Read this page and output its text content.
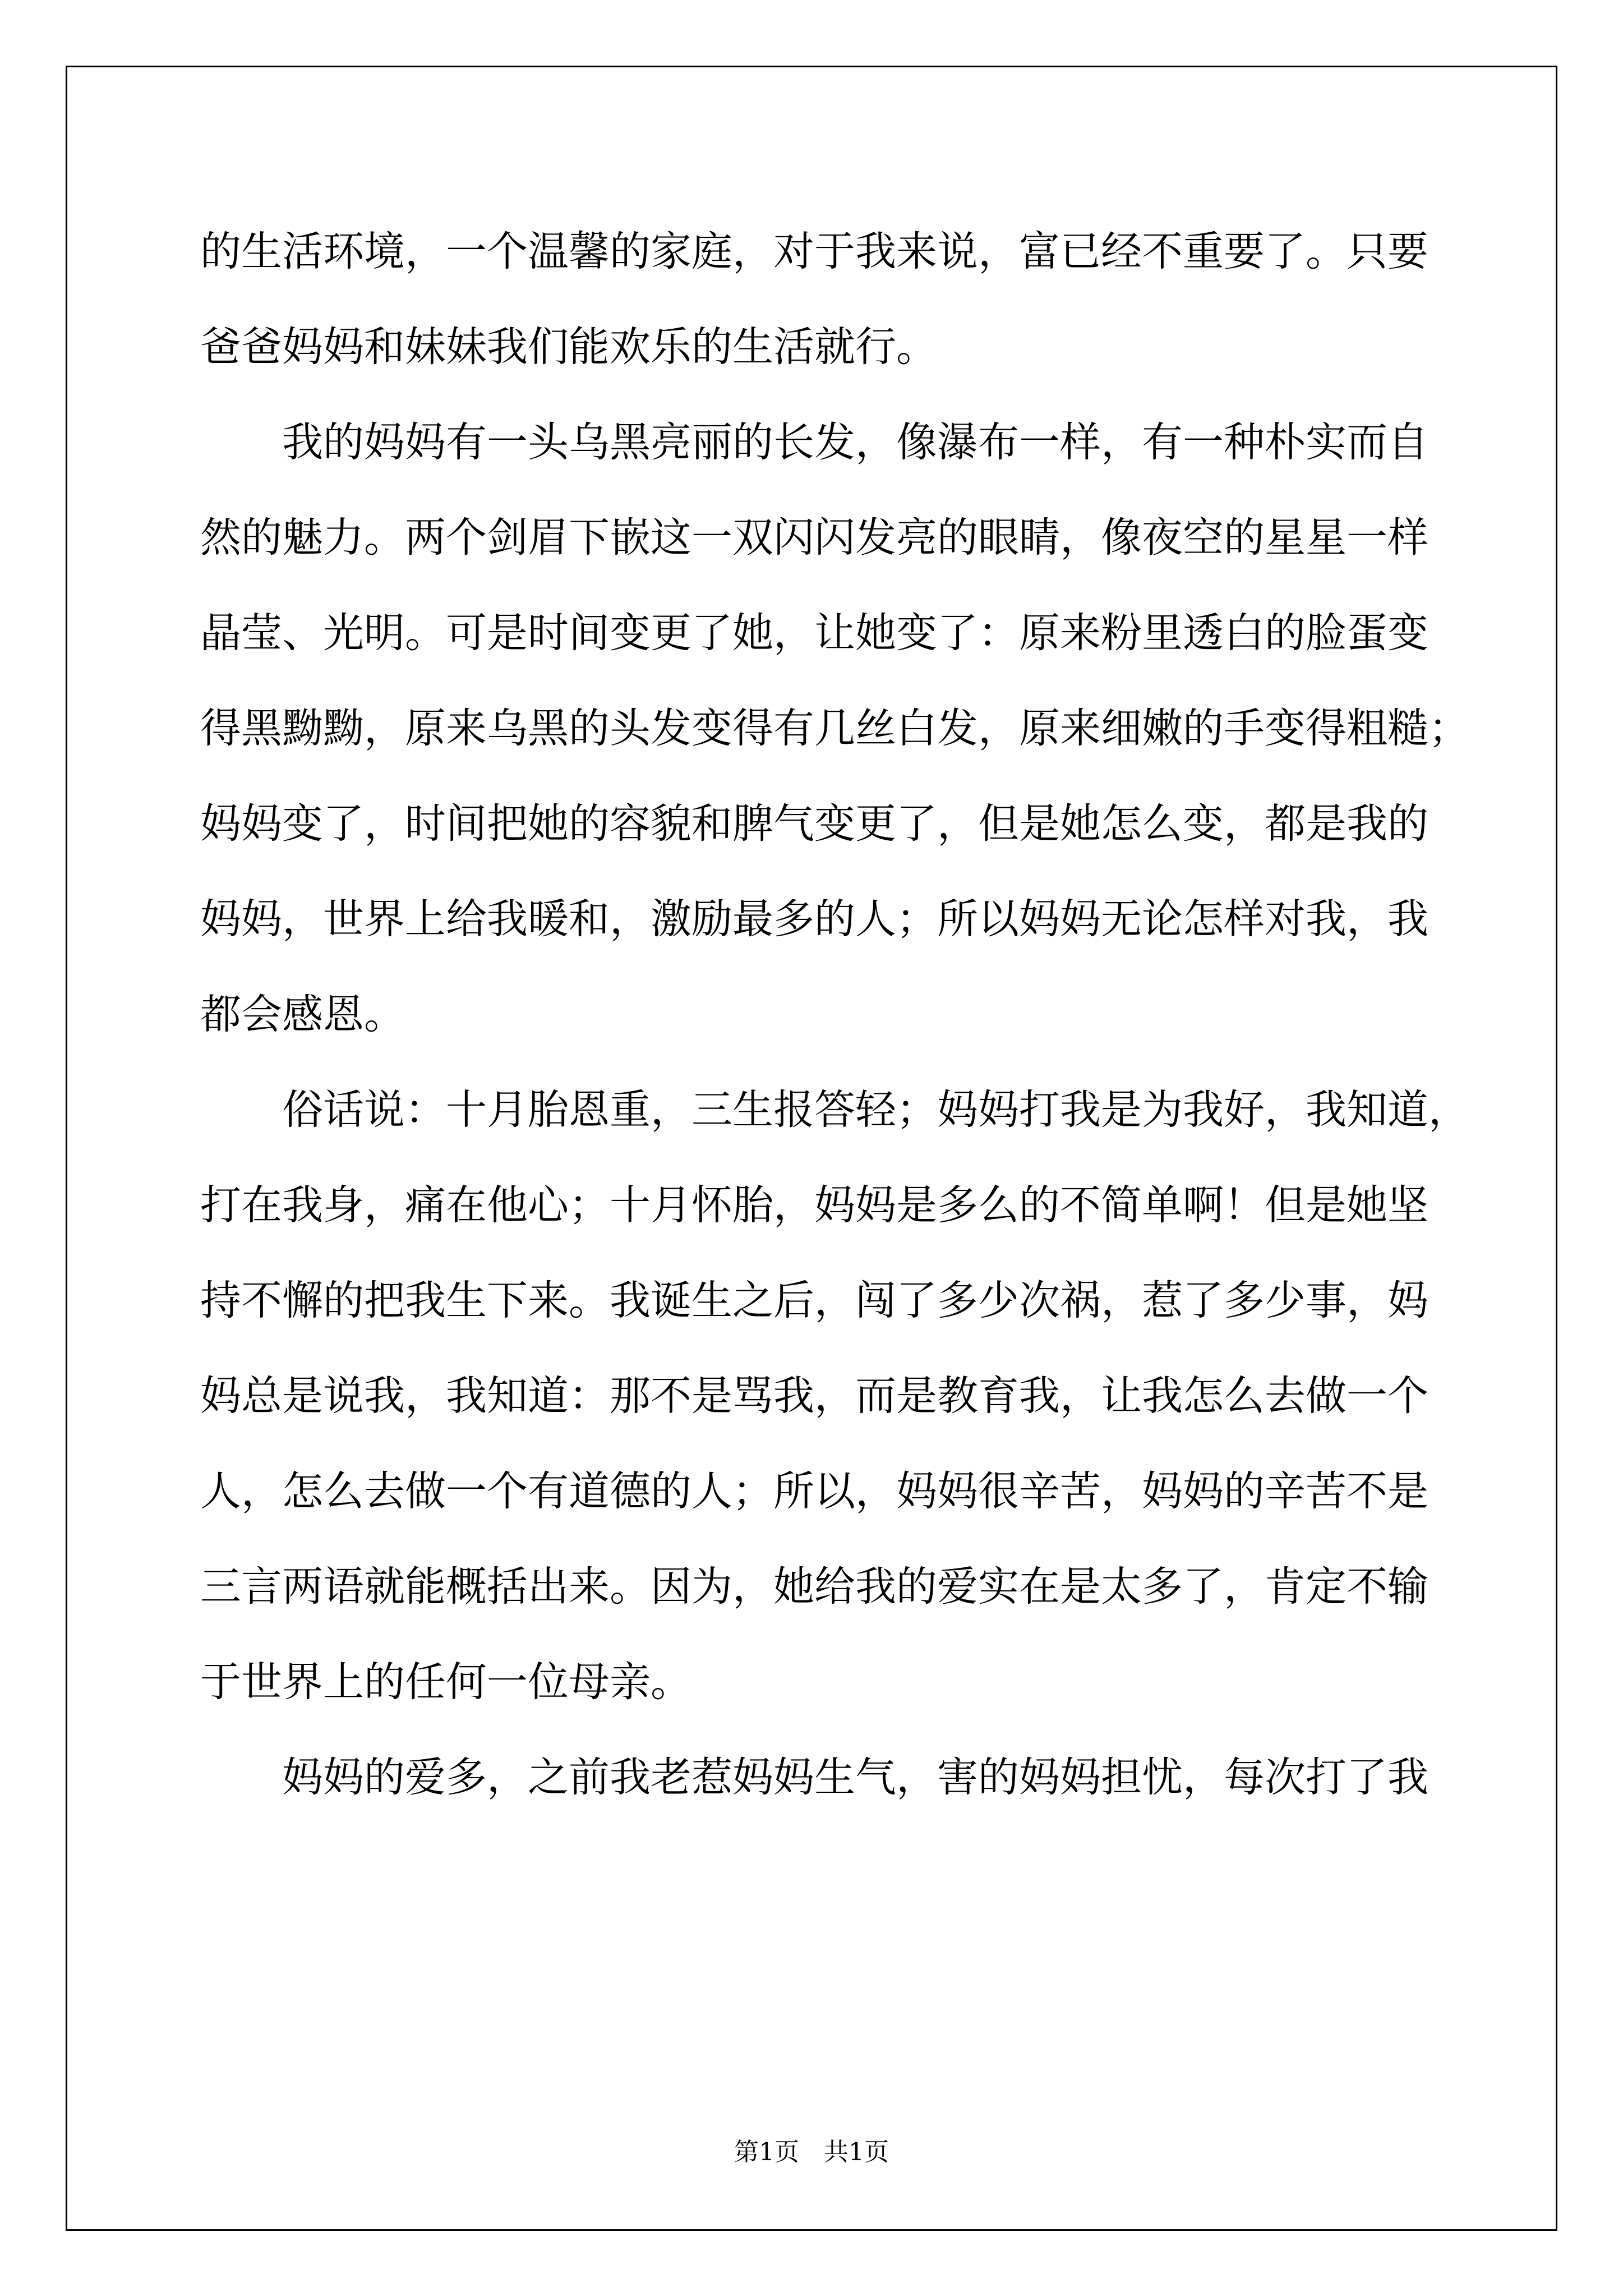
的生活环境，一个温馨的家庭，对于我来说，富已经不重要了。只要
爸爸妈妈和妹妹我们能欢乐的生活就行。
我的妈妈有一头乌黑亮丽的长发，像瀑布一样，有一种朴实而自
然的魅力。两个剑眉下嵌这一双闪闪发亮的眼睛，像夜空的星星一样
晶莹、光明。可是时间变更了她，让她变了：原来粉里透白的脸蛋变
得黑黝黝，原来乌黑的头发变得有几丝白发，原来细嫩的手变得粗糙；
妈妈变了，时间把她的容貌和脾气变更了，但是她怎么变，都是我的
妈妈，世界上给我暖和，激励最多的人；所以妈妈无论怎样对我，我
都会感恩。
俗话说：十月胎恩重，三生报答轻；妈妈打我是为我好，我知道，
打在我身，痛在他心；十月怀胎，妈妈是多么的不简单啊！但是她坚
持不懈的把我生下来。我诞生之后，闯了多少次祸，惹了多少事，妈
妈总是说我，我知道：那不是骂我，而是教育我，让我怎么去做一个
人，怎么去做一个有道德的人；所以，妈妈很辛苦，妈妈的辛苦不是
三言两语就能概括出来。因为，她给我的爱实在是太多了，肯定不输
于世界上的任何一位母亲。
妈妈的爱多，之前我老惹妈妈生气，害的妈妈担忧，每次打了我
第1页　共1页
